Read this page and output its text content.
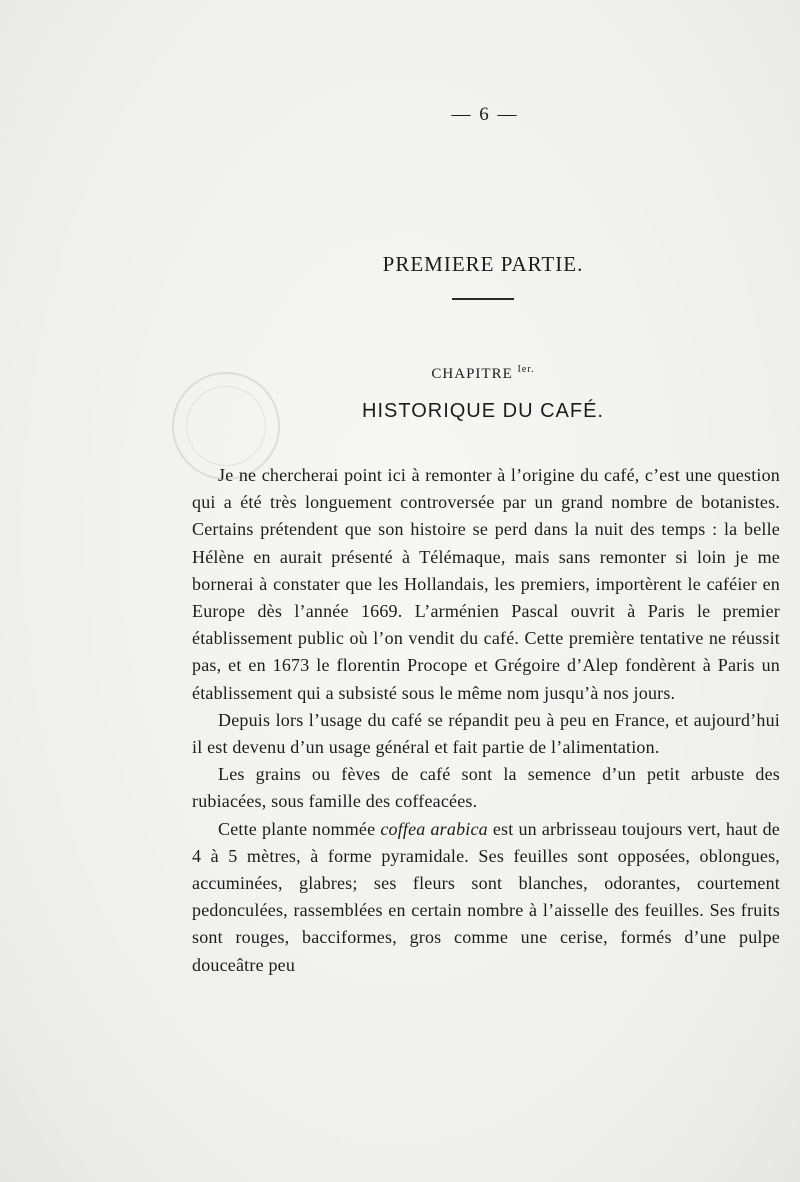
— 6 —
PREMIERE PARTIE.
CHAPITRE $^{Ier.}$
HISTORIQUE DU CAFÉ.

Je ne chercherai point ici à remonter à l’origine du café, c’est une question qui a été très longuement controversée par un grand nombre de botanistes. Certains prétendent que son histoire se perd dans la nuit des temps : la belle Hélène en aurait présenté à Télémaque, mais sans remonter si loin je me bornerai à constater que les Hollandais, les premiers, importèrent le caféier en Europe dès l’année 1669. L’arménien Pascal ouvrit à Paris le premier établissement public où l’on vendit du café. Cette première tentative ne réussit pas, et en 1673 le florentin Procope et Grégoire d’Alep fondèrent à Paris un établissement qui a subsisté sous le même nom jusqu’à nos jours.

Depuis lors l’usage du café se répandit peu à peu en France, et aujourd’hui il est devenu d’un usage général et fait partie de l’alimentation.

Les grains ou fèves de café sont la semence d’un petit arbuste des rubiacées, sous famille des coffeacées.

Cette plante nommée coffea arabica est un arbrisseau toujours vert, haut de 4 à 5 mètres, à forme pyramidale. Ses feuilles sont opposées, oblongues, accuminées, glabres; ses fleurs sont blanches, odorantes, courtement pedonculées, rassemblées en certain nombre à l’aisselle des feuilles. Ses fruits sont rouges, bacciformes, gros comme une cerise, formés d’une pulpe douceâtre peu
